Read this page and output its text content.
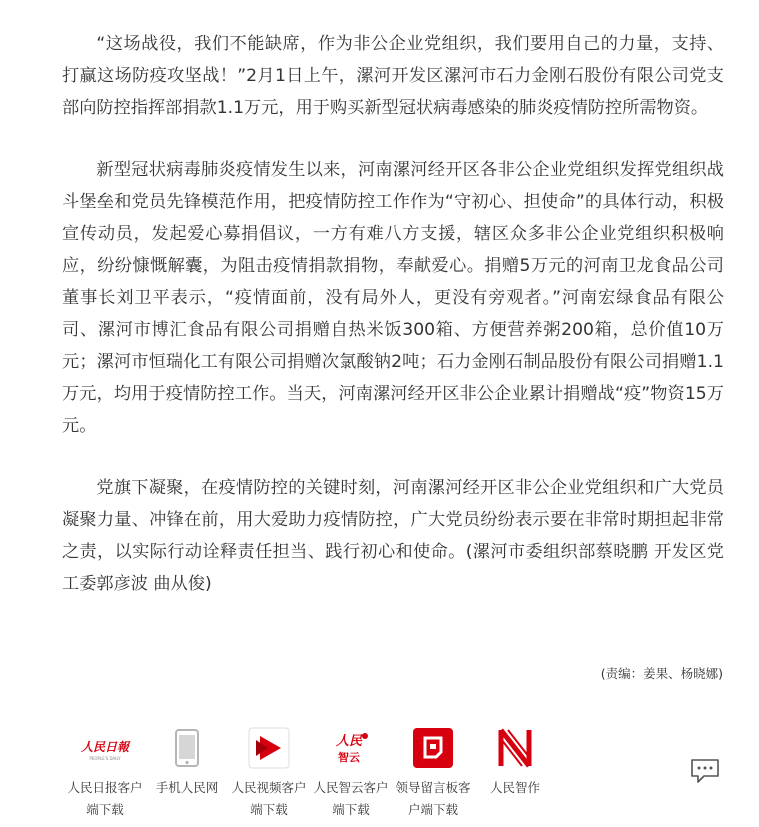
“这场战役，我们不能缺席，作为非公企业党组织，我们要用自己的力量，支持、打赢这场防疫攻坚战！”2月1日上午，漯河开发区漯河市石力金刚石股份有限公司党支部向防控指挥部捐款1.1万元，用于购买新型冠状病毒感染的肺炎疫情防控所需物资。

新型冠状病毒肺炎疫情发生以来，河南漯河经开区各非公企业党组织发挥党组织战斗堡垒和党员先锋模范作用，把疫情防控工作作为“守初心、担使命”的具体行动，积极宣传动员，发起爱心募捐倡议，一方有难八方支援，辖区众多非公企业党组织积极响应，纷纷慷慨解囊，为阻击疫情捐款捐物，奉献爱心。捐赠5万元的河南卫龙食品公司董事长刘卫平表示，“疫情面前，没有局外人，更没有旁观者。”河南宏绿食品有限公司、漯河市博汇食品有限公司捐赠自热米饭300箱、方便营养粥200箱，总价值10万元；漯河市恒瑞化工有限公司捐赠次氯酸钠2吨；石力金刚石制品股份有限公司捐赠1.1万元，均用于疫情防控工作。当天，河南漯河经开区非公企业累计捐赠战“疫”物资15万元。

党旗下凝聚，在疫情防控的关键时刻，河南漯河经开区非公企业党组织和广大党员凝聚力量、冲锋在前，用大爱助力疫情防控，广大党员纷纷表示要在非常时期担起非常之责，以实际行动诠释责任担当、践行初心和使命。(漯河市委组织部蔡晓鹏 开发区党工委郭彦波 曲从俊)

(责编：姜果、杨晓娜)
人民日報
PEOPLE'S DAILY
人民日报客户端下载
手机人民网	人民视频客户端下载
人民
智云
人民智云客户端下载
领导留言板客户端下载
人民智作
